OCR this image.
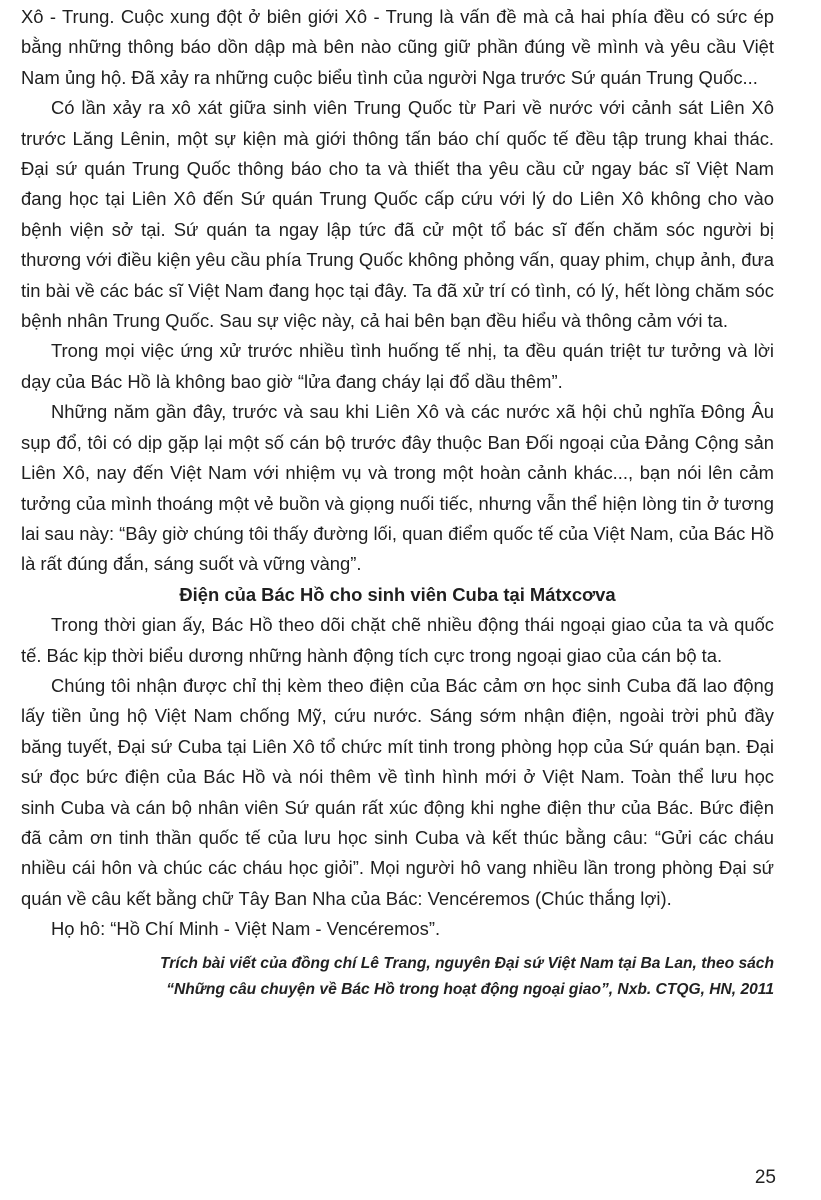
Xô - Trung. Cuộc xung đột ở biên giới Xô - Trung là vấn đề mà cả hai phía đều có sức ép bằng những thông báo dồn dập mà bên nào cũng giữ phần đúng về mình và yêu cầu Việt Nam ủng hộ. Đã xảy ra những cuộc biểu tình của người Nga trước Sứ quán Trung Quốc...

Có lần xảy ra xô xát giữa sinh viên Trung Quốc từ Pari về nước với cảnh sát Liên Xô trước Lăng Lênin, một sự kiện mà giới thông tấn báo chí quốc tế đều tập trung khai thác. Đại sứ quán Trung Quốc thông báo cho ta và thiết tha yêu cầu cử ngay bác sĩ Việt Nam đang học tại Liên Xô đến Sứ quán Trung Quốc cấp cứu với lý do Liên Xô không cho vào bệnh viện sở tại. Sứ quán ta ngay lập tức đã cử một tổ bác sĩ đến chăm sóc người bị thương với điều kiện yêu cầu phía Trung Quốc không phỏng vấn, quay phim, chụp ảnh, đưa tin bài về các bác sĩ Việt Nam đang học tại đây. Ta đã xử trí có tình, có lý, hết lòng chăm sóc bệnh nhân Trung Quốc. Sau sự việc này, cả hai bên bạn đều hiểu và thông cảm với ta.

Trong mọi việc ứng xử trước nhiều tình huống tế nhị, ta đều quán triệt tư tưởng và lời dạy của Bác Hồ là không bao giờ “lửa đang cháy lại đổ dầu thêm”.

Những năm gần đây, trước và sau khi Liên Xô và các nước xã hội chủ nghĩa Đông Âu sụp đổ, tôi có dịp gặp lại một số cán bộ trước đây thuộc Ban Đối ngoại của Đảng Cộng sản Liên Xô, nay đến Việt Nam với nhiệm vụ và trong một hoàn cảnh khác..., bạn nói lên cảm tưởng của mình thoáng một vẻ buồn và giọng nuối tiếc, nhưng vẫn thể hiện lòng tin ở tương lai sau này: “Bây giờ chúng tôi thấy đường lối, quan điểm quốc tế của Việt Nam, của Bác Hồ là rất đúng đắn, sáng suốt và vững vàng”.

Điện của Bác Hồ cho sinh viên Cuba tại Mátxcơva

Trong thời gian ấy, Bác Hồ theo dõi chặt chẽ nhiều động thái ngoại giao của ta và quốc tế. Bác kịp thời biểu dương những hành động tích cực trong ngoại giao của cán bộ ta.

Chúng tôi nhận được chỉ thị kèm theo điện của Bác cảm ơn học sinh Cuba đã lao động lấy tiền ủng hộ Việt Nam chống Mỹ, cứu nước. Sáng sớm nhận điện, ngoài trời phủ đầy băng tuyết, Đại sứ Cuba tại Liên Xô tổ chức mít tinh trong phòng họp của Sứ quán bạn. Đại sứ đọc bức điện của Bác Hồ và nói thêm về tình hình mới ở Việt Nam. Toàn thể lưu học sinh Cuba và cán bộ nhân viên Sứ quán rất xúc động khi nghe điện thư của Bác. Bức điện đã cảm ơn tinh thần quốc tế của lưu học sinh Cuba và kết thúc bằng câu: “Gửi các cháu nhiều cái hôn và chúc các cháu học giỏi”. Mọi người hô vang nhiều lần trong phòng Đại sứ quán về câu kết bằng chữ Tây Ban Nha của Bác: Vencéremos (Chúc thắng lợi).

Họ hô: “Hồ Chí Minh - Việt Nam - Vencéremos”.

Trích bài viết của đồng chí Lê Trang, nguyên Đại sứ Việt Nam tại Ba Lan, theo sách
“Những câu chuyện về Bác Hồ trong hoạt động ngoại giao”, Nxb. CTQG, HN, 2011
25
